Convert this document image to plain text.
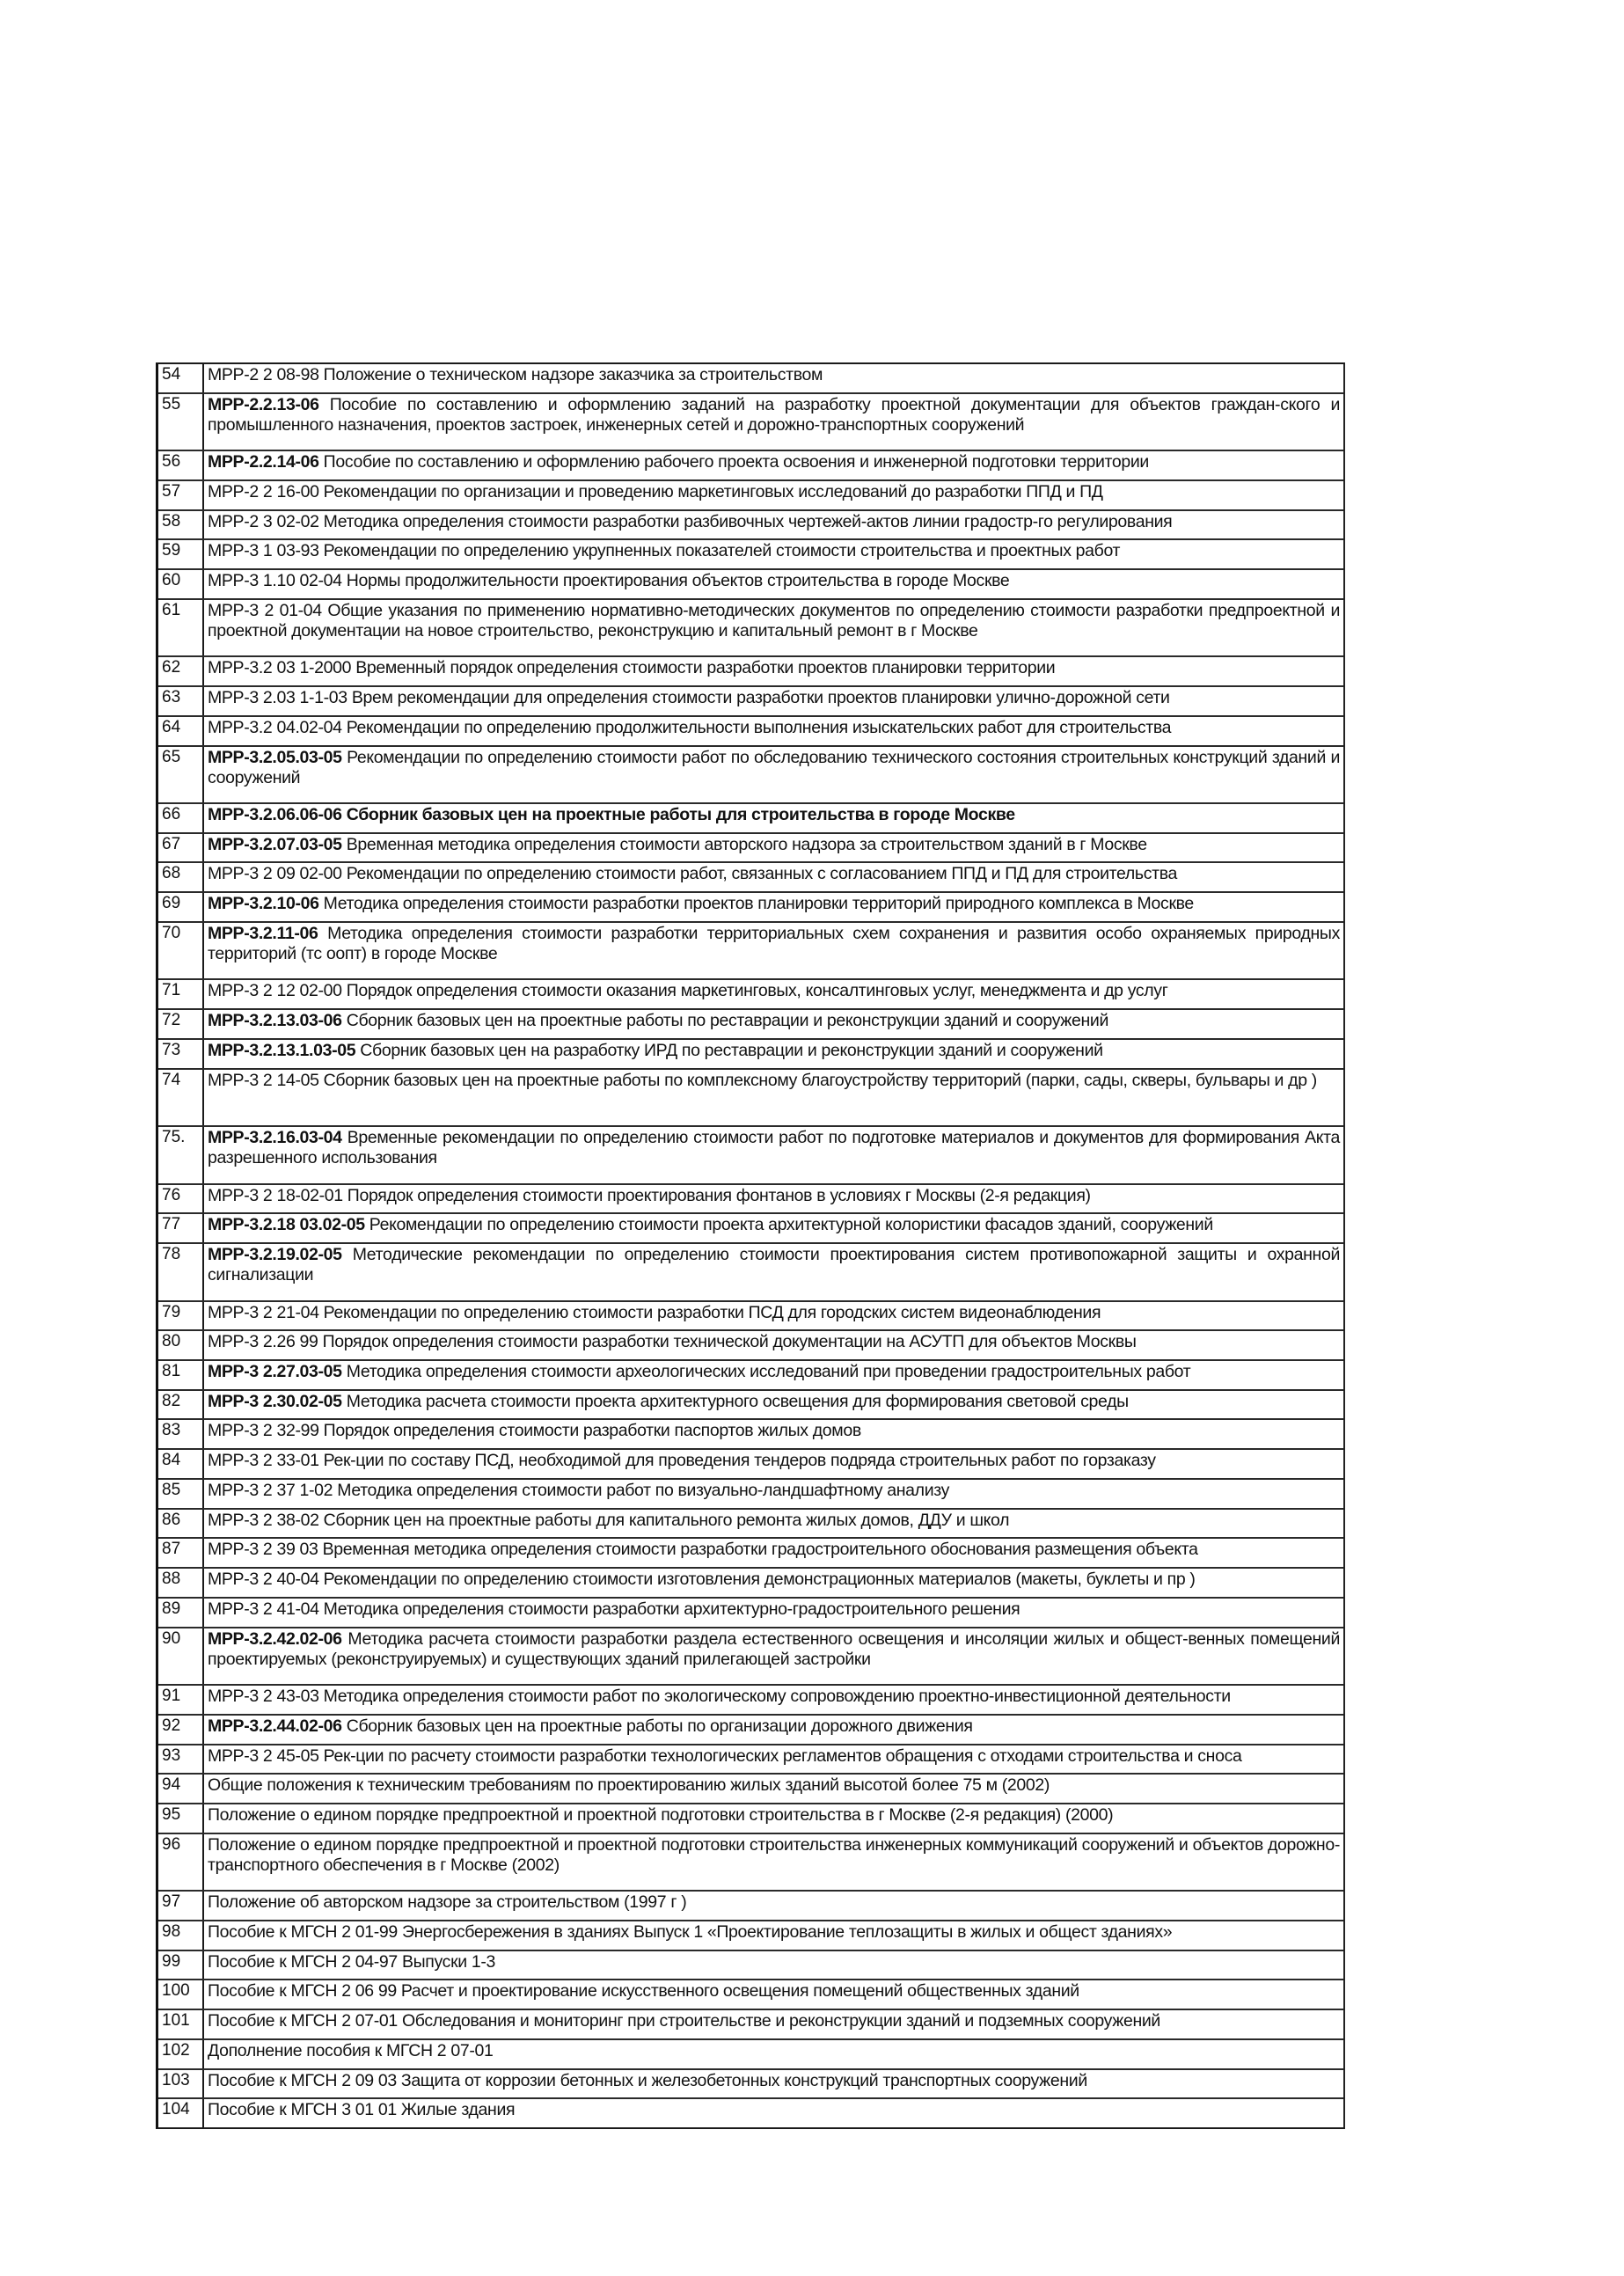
54	МРР-2 2 08-98 Положение о техническом надзоре заказчика за строительством
55	МРР-2.2.13-06 Пособие по составлению и оформлению заданий на разработку проектной документации для объектов граждан-ского и промышленного назначения, проектов застроек, инженерных сетей и дорожно-транспортных сооружений
56	МРР-2.2.14-06 Пособие по составлению и оформлению рабочего проекта освоения и инженерной подготовки территории
57	МРР-2 2 16-00 Рекомендации по организации и проведению маркетинговых исследований до разработки ППД и ПД
58	МРР-2 3 02-02 Методика определения стоимости разработки разбивочных чертежей-актов линии градостр-го регулирования
59	МРР-3 1 03-93 Рекомендации по определению укрупненных показателей стоимости строительства и проектных работ
60	МРР-3 1.10 02-04 Нормы продолжительности проектирования объектов строительства в городе Москве
61	МРР-3 2 01-04 Общие указания по применению нормативно-методических документов по определению стоимости разработки предпроектной и проектной документации на новое строительство, реконструкцию и капитальный ремонт в г Москве
62	МРР-3.2 03 1-2000 Временный порядок определения стоимости разработки проектов планировки территории
63	МРР-3 2.03 1-1-03 Врем рекомендации для определения стоимости разработки проектов планировки улично-дорожной сети
64	МРР-3.2 04.02-04 Рекомендации по определению продолжительности выполнения изыскательских работ для строительства
65	МРР-3.2.05.03-05 Рекомендации по определению стоимости работ по обследованию технического состояния строительных конструкций зданий и сооружений
66	МРР-3.2.06.06-06 Сборник базовых цен на проектные работы для строительства в городе Москве
67	МРР-3.2.07.03-05 Временная методика определения стоимости авторского надзора за строительством зданий в г Москве
68	МРР-3 2 09 02-00 Рекомендации по определению стоимости работ, связанных с согласованием ППД и ПД для строительства
69	МРР-3.2.10-06 Методика определения стоимости разработки проектов планировки территорий природного комплекса в Москве
70	МРР-3.2.11-06 Методика определения стоимости разработки территориальных схем сохранения и развития особо охраняемых природных территорий (тс оопт) в городе Москве
71	МРР-3 2 12 02-00 Порядок определения стоимости оказания маркетинговых, консалтинговых услуг, менеджмента и др услуг
72	МРР-3.2.13.03-06 Сборник базовых цен на проектные работы по реставрации и реконструкции зданий и сооружений
73	МРР-3.2.13.1.03-05 Сборник базовых цен на разработку ИРД по реставрации и реконструкции зданий и сооружений
74	МРР-3 2 14-05 Сборник базовых цен на проектные работы по комплексному благоустройству территорий (парки, сады, скверы, бульвары и др )
75.	МРР-3.2.16.03-04 Временные рекомендации по определению стоимости работ по подготовке материалов и документов для формирования Акта разрешенного использования
76	МРР-3 2 18-02-01 Порядок определения стоимости проектирования фонтанов в условиях г Москвы (2-я редакция)
77	МРР-3.2.18 03.02-05 Рекомендации по определению стоимости проекта архитектурной колористики фасадов зданий, сооружений
78	МРР-3.2.19.02-05 Методические рекомендации по определению стоимости проектирования систем противопожарной защиты и охранной сигнализации
79	МРР-3 2 21-04 Рекомендации по определению стоимости разработки ПСД для городских систем видеонаблюдения
80	МРР-3 2.26 99 Порядок определения стоимости разработки технической документации на АСУТП для объектов Москвы
81	МРР-3 2.27.03-05 Методика определения стоимости археологических исследований при проведении градостроительных работ
82	МРР-3 2.30.02-05 Методика расчета стоимости проекта архитектурного освещения для формирования световой среды
83	МРР-3 2 32-99 Порядок определения стоимости разработки паспортов жилых домов
84	МРР-3 2 33-01 Рек-ции по составу ПСД, необходимой для проведения тендеров подряда строительных работ по горзаказу
85	МРР-3 2 37 1-02 Методика определения стоимости работ по визуально-ландшафтному анализу
86	МРР-3 2 38-02 Сборник цен на проектные работы для капитального ремонта жилых домов, ДДУ и школ
87	МРР-3 2 39 03 Временная методика определения стоимости разработки градостроительного обоснования размещения объекта
88	МРР-3 2 40-04 Рекомендации по определению стоимости изготовления демонстрационных материалов (макеты, буклеты и пр )
89	МРР-3 2 41-04 Методика определения стоимости разработки архитектурно-градостроительного решения
90	МРР-3.2.42.02-06 Методика расчета стоимости разработки раздела естественного освещения и инсоляции жилых и общест-венных помещений проектируемых (реконструируемых) и существующих зданий прилегающей застройки
91	МРР-3 2 43-03 Методика определения стоимости работ по экологическому сопровождению проектно-инвестиционной деятельности
92	МРР-3.2.44.02-06 Сборник базовых цен на проектные работы по организации дорожного движения
93	МРР-3 2 45-05 Рек-ции по расчету стоимости разработки технологических регламентов обращения с отходами строительства и сноса
94	Общие положения к техническим требованиям по проектированию жилых зданий высотой более 75 м (2002)
95	Положение о едином порядке предпроектной и проектной подготовки строительства в г Москве (2-я редакция) (2000)
96	Положение о едином порядке предпроектной и проектной подготовки строительства инженерных коммуникаций сооружений и объектов дорожно-транспортного обеспечения в г Москве (2002)
97	Положение об авторском надзоре за строительством (1997 г )
98	Пособие к МГСН 2 01-99 Энергосбережения в зданиях Выпуск 1 «Проектирование теплозащиты в жилых и общест зданиях»
99	Пособие к МГСН 2 04-97 Выпуски 1-3
100	Пособие к МГСН 2 06 99 Расчет и проектирование искусственного освещения помещений общественных зданий
101	Пособие к МГСН 2 07-01 Обследования и мониторинг при строительстве и реконструкции зданий и подземных сооружений
102	Дополнение пособия к МГСН 2 07-01
103	Пособие к МГСН 2 09 03 Защита от коррозии бетонных и железобетонных конструкций транспортных сооружений
104	Пособие к МГСН 3 01 01 Жилые здания
